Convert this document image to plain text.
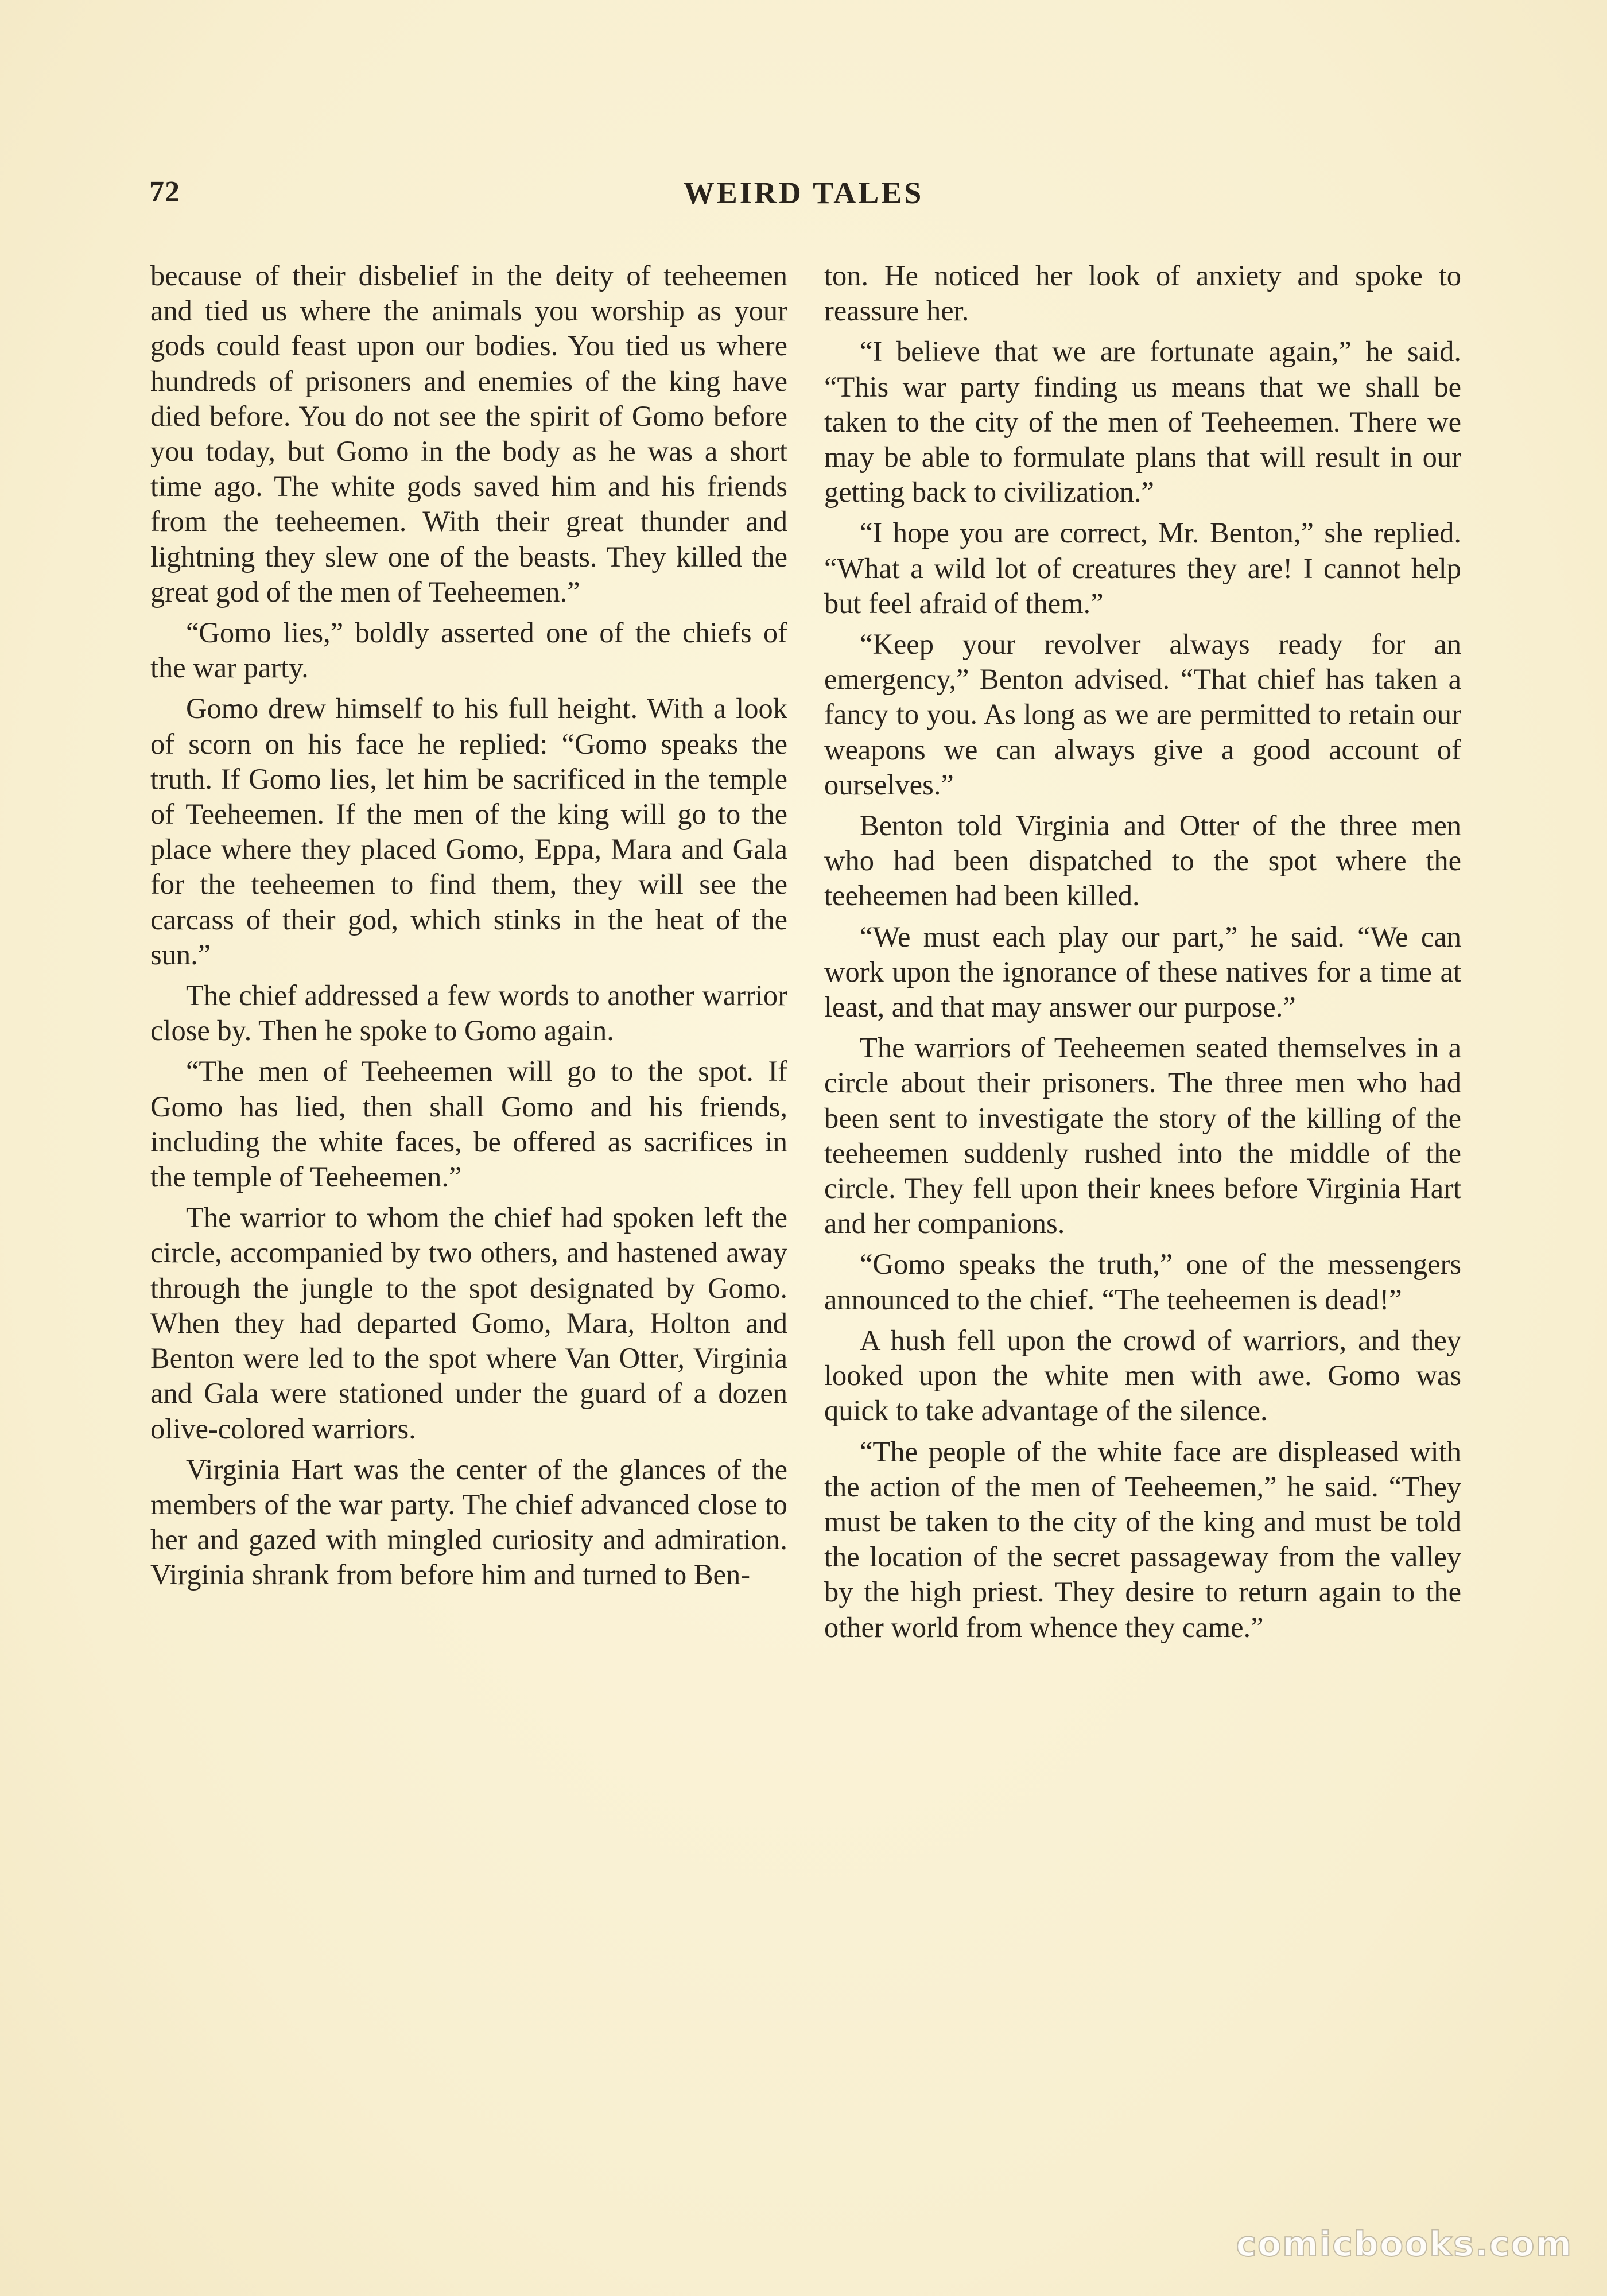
72	WEIRD TALES

because of their disbelief in the deity of teeheemen and tied us where the animals you worship as your gods could feast upon our bodies. You tied us where hundreds of prisoners and enemies of the king have died before. You do not see the spirit of Gomo before you today, but Gomo in the body as he was a short time ago. The white gods saved him and his friends from the teeheemen. With their great thunder and lightning they slew one of the beasts. They killed the great god of the men of Teeheemen.”

“Gomo lies,” boldly asserted one of the chiefs of the war party.

Gomo drew himself to his full height. With a look of scorn on his face he replied: “Gomo speaks the truth. If Gomo lies, let him be sacrificed in the temple of Teeheemen. If the men of the king will go to the place where they placed Gomo, Eppa, Mara and Gala for the teeheemen to find them, they will see the carcass of their god, which stinks in the heat of the sun.”

The chief addressed a few words to another warrior close by. Then he spoke to Gomo again.

“The men of Teeheemen will go to the spot. If Gomo has lied, then shall Gomo and his friends, including the white faces, be offered as sacrifices in the temple of Teeheemen.”

The warrior to whom the chief had spoken left the circle, accompanied by two others, and hastened away through the jungle to the spot designated by Gomo. When they had departed Gomo, Mara, Holton and Benton were led to the spot where Van Otter, Virginia and Gala were stationed under the guard of a dozen olive-colored warriors.

Virginia Hart was the center of the glances of the members of the war party. The chief advanced close to her and gazed with mingled curiosity and admiration. Virginia shrank from before him and turned to Ben-

ton. He noticed her look of anxiety and spoke to reassure her.

“I believe that we are fortunate again,” he said. “This war party finding us means that we shall be taken to the city of the men of Teeheemen. There we may be able to formulate plans that will result in our getting back to civilization.”

“I hope you are correct, Mr. Benton,” she replied. “What a wild lot of creatures they are! I cannot help but feel afraid of them.”

“Keep your revolver always ready for an emergency,” Benton advised. “That chief has taken a fancy to you. As long as we are permitted to retain our weapons we can always give a good account of ourselves.”

Benton told Virginia and Otter of the three men who had been dispatched to the spot where the teeheemen had been killed.

“We must each play our part,” he said. “We can work upon the ignorance of these natives for a time at least, and that may answer our purpose.”

The warriors of Teeheemen seated themselves in a circle about their prisoners. The three men who had been sent to investigate the story of the killing of the teeheemen suddenly rushed into the middle of the circle. They fell upon their knees before Virginia Hart and her companions.

“Gomo speaks the truth,” one of the messengers announced to the chief. “The teeheemen is dead!”

A hush fell upon the crowd of warriors, and they looked upon the white men with awe. Gomo was quick to take advantage of the silence.

“The people of the white face are displeased with the action of the men of Teeheemen,” he said. “They must be taken to the city of the king and must be told the location of the secret passageway from the valley by the high priest. They desire to return again to the other world from whence they came.”

comicbooks.com
